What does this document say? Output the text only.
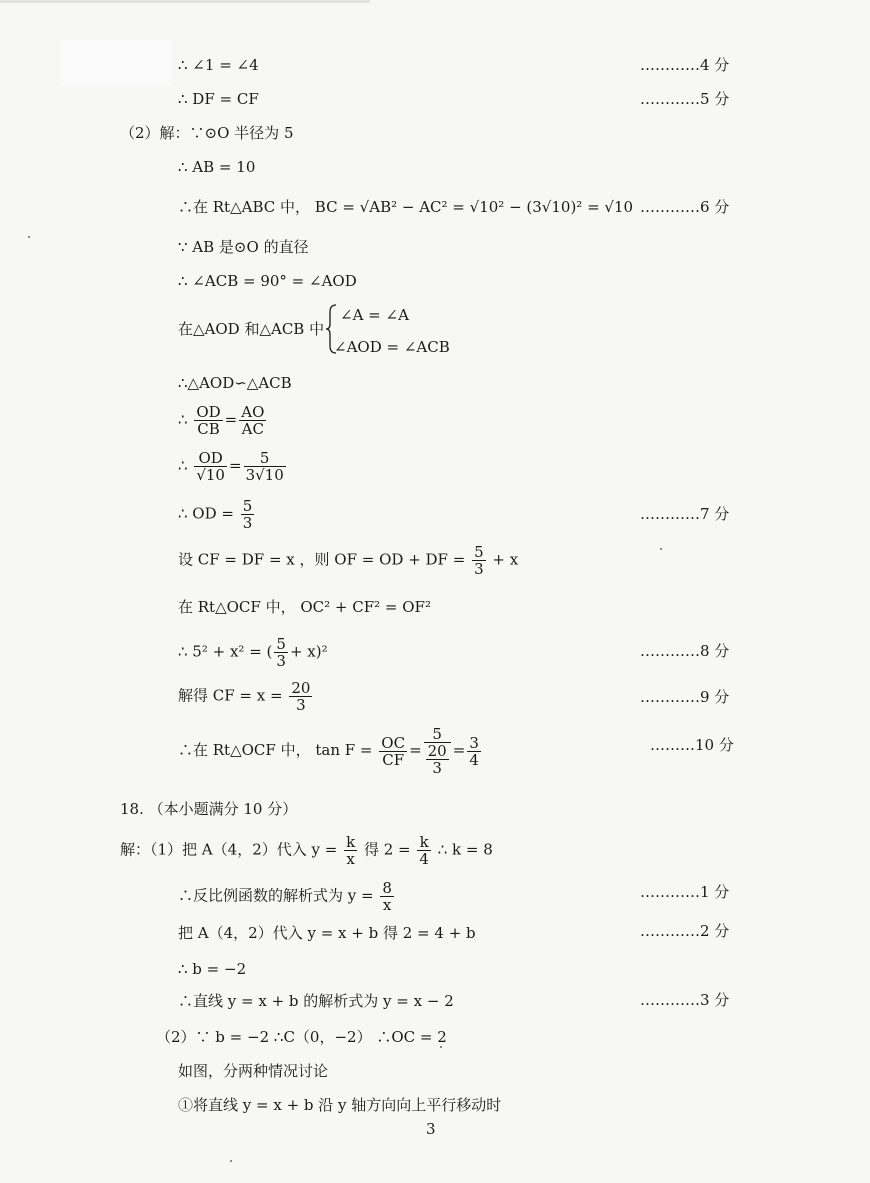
∴ ∠1 = ∠4	…………4 分
∴ DF = CF	…………5 分
（2）解：∵⊙O 半径为 5
∴ AB = 10
∴在 Rt△ABC 中， BC = √AB² − AC² = √10² − (3√10)² = √10 …………6 分
∵ AB 是⊙O 的直径
∴ ∠ACB = 90° = ∠AOD
在△AOD 和△ACB 中
∠A = ∠A
∠AOD = ∠ACB
∴△AOD∽△ACB
∴ $\frac{OD}{CB} = \frac{AO}{AC}$
∴ $\frac{OD}{√10} = \frac{5}{3√10}$
∴ OD = $\frac{5}{3}$	…………7 分
设 CF = DF = x ，则 OF = OD + DF = $\frac{5}{3} + x$
在 Rt△OCF 中， OC² + CF² = OF²
∴ 5² + x² = ( $\frac{5}{3} + x)^2$	…………8 分
解得 CF = $x = \frac{20}{3}$	…………9 分
∴在 Rt△OCF 中， $\tan F = \frac{OC}{CF} = 5$
20
$3 = \frac{3}{4}$	………10 分
18. （本小题满分 10 分）
解：（1）把 A（4，2）代入 $y = \frac{k}{x}$ 得 $2 = \frac{k}{4}$ ∴ k = 8
∴反比例函数的解析式为 $y = \frac{8}{x}$	…………1 分
把 A（4，2）代入 y = x + b 得 2 = 4 + b	…………2 分
∴ b = −2
∴直线 y = x + b 的解析式为 y = x − 2	…………3 分
（2）∵ b = −2 ∴C（0，−2） ∴OC = 2
如图，分两种情况讨论
①将直线 y = x + b 沿 y 轴方向向上平行移动时
3
